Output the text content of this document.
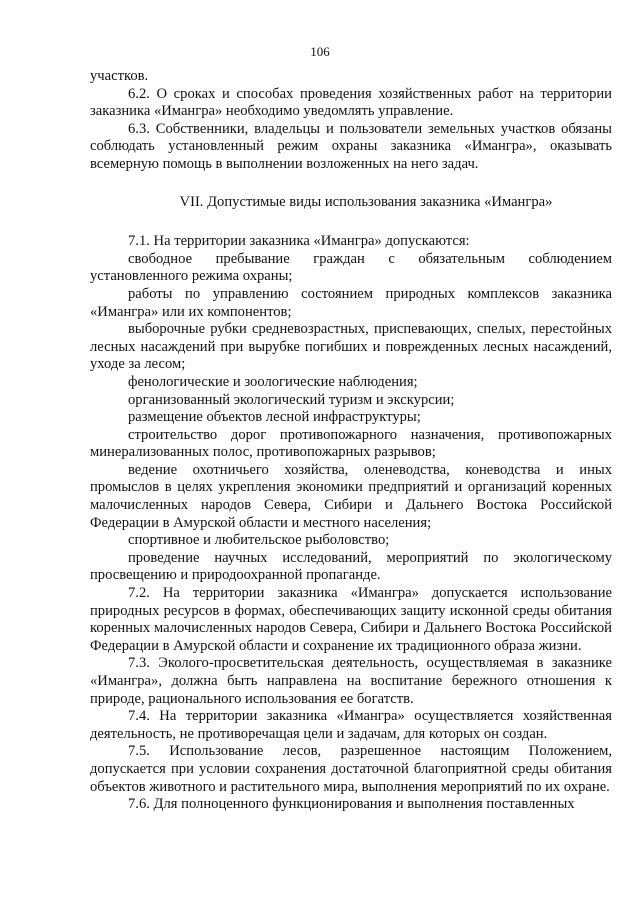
106

участков.

6.2. О сроках и способах проведения хозяйственных работ на территории заказника «Имангра» необходимо уведомлять управление.

6.3. Собственники, владельцы и пользователи земельных участков обязаны соблюдать установленный режим охраны заказника «Имангра», оказывать всемерную помощь в выполнении возложенных на него задач.

VII. Допустимые виды использования заказника «Имангра»

7.1. На территории заказника «Имангра» допускаются:

свободное пребывание граждан с обязательным соблюдением установленного режима охраны;

работы по управлению состоянием природных комплексов заказника «Имангра» или их компонентов;

выборочные рубки средневозрастных, приспевающих, спелых, перестойных лесных насаждений при вырубке погибших и поврежденных лесных насаждений, уходе за лесом;

фенологические и зоологические наблюдения;

организованный экологический туризм и экскурсии;

размещение объектов лесной инфраструктуры;

строительство дорог противопожарного назначения, противопожарных минерализованных полос, противопожарных разрывов;

ведение охотничьего хозяйства, оленеводства, коневодства и иных промыслов в целях укрепления экономики предприятий и организаций коренных малочисленных народов Севера, Сибири и Дальнего Востока Российской Федерации в Амурской области и местного населения;

спортивное и любительское рыболовство;

проведение научных исследований, мероприятий по экологическому просвещению и природоохранной пропаганде.

7.2. На территории заказника «Имангра» допускается использование природных ресурсов в формах, обеспечивающих защиту исконной среды обитания коренных малочисленных народов Севера, Сибири и Дальнего Востока Российской Федерации в Амурской области и сохранение их традиционного образа жизни.

7.3. Эколого-просветительская деятельность, осуществляемая в заказнике «Имангра», должна быть направлена на воспитание бережного отношения к природе, рационального использования ее богатств.

7.4. На территории заказника «Имангра» осуществляется хозяйственная деятельность, не противоречащая цели и задачам, для которых он создан.

7.5. Использование лесов, разрешенное настоящим Положением, допускается при условии сохранения достаточной благоприятной среды обитания объектов животного и растительного мира, выполнения мероприятий по их охране.

7.6. Для полноценного функционирования и выполнения поставленных
